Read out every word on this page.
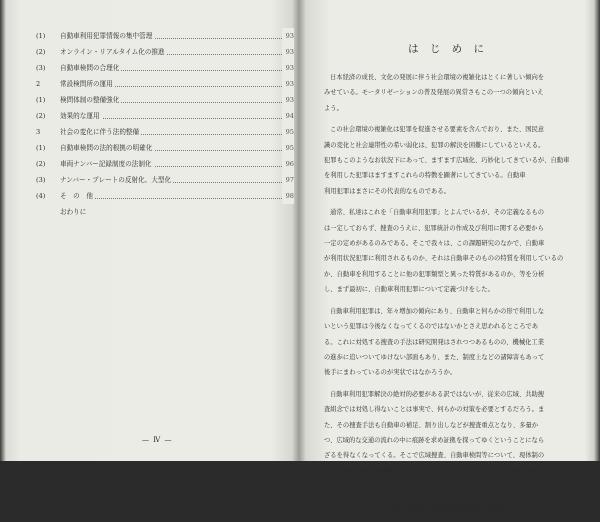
(1) 自動車利用犯罪情報の集中管理	93
(2) オンライン・リアルタイム化の推進	93
(3) 自動車検問の合理化	93
2	常設検問所の運用	93
(1) 検問体制の整備強化	93
(2) 効果的な運用	94
3	社会の変化に伴う法的整備	95
(1) 自動車検問の法的根拠の明確化	95
(2) 車両ナンバー記録制度の法制化	96
(3) ナンバー・プレートの反射化、大型化	97
(4) そ　の　他	98
おわりに
— Ⅳ —
は じ め に

日本経済の成長、文化の発展に伴う社会環境の複雑化はとくに著しい傾向を
みせている。モータリゼーションの普及発展の異常さもこの一つの傾向といえ
よう。

この社会環境の複雑化は犯罪を促進させる要素を含んでおり、また、国民意
識の変化と社会連帯性の希い弱化は、犯罪の解決を困難にしているといえる。
犯罪もこのようなお状況下にあって、ますます広域化、巧妙化してきているが、自動車
を利用した犯罪はますますこれらの特徴を顕著にしてきている。自動車
利用犯罪はまさにその代表的なものである。

通常、私達はこれを「自動車利用犯罪」とよんでいるが、その定義なるもの
は一定しておらず、捜査のうえに、犯罪統計の作成及び利用に関する必要から
一定の定めがあるのみである。そこで我々は、この課題研究のなかで、自動車
が利用状況犯罪に利用されるものか、それは自動車そのものの特質を利用しているの
か、自動車を利用することに他の犯罪類型と異った特質があるのか、等を分析
し、まず最初に、自動車利用犯罪について定義づけをした。

自動車利用犯罪は、年々増加の傾向にあり、自動車と何らかの形で利用しな
いという犯罪は今後なくなってくるのではないかとさえ思われるところであ
る。これに対処する捜査の手法は研究開発はされつつあるものの、機械化工業
の進歩に追いついてゆけない部面もあり、また、制度上などの諸障害もあって
後手にまわっているのが実状ではなかろうか。

自動車利用犯罪解決の絶対的必要がある訳ではないが、従来の広域、共助捜
査組念では対処し得ないことは事実で、何らかの対策を必要とするだろう。ま
た、その捜査手法も自動車の補足、割り出しなどが捜査重点となり、多量か
つ、広域的な交通の流れの中に痕跡を求め証拠を探ってゆくということになら
ざるを得なくなってくる。そこで広域捜査、自動車検問等について、現体制の
もとで現有施設、資機材をいかに駆使してゆくべきかについても共同で研究し
たところである。

さらに、コンピュータ時代の捜査、常設検問所の運用、現況とマッチしない
